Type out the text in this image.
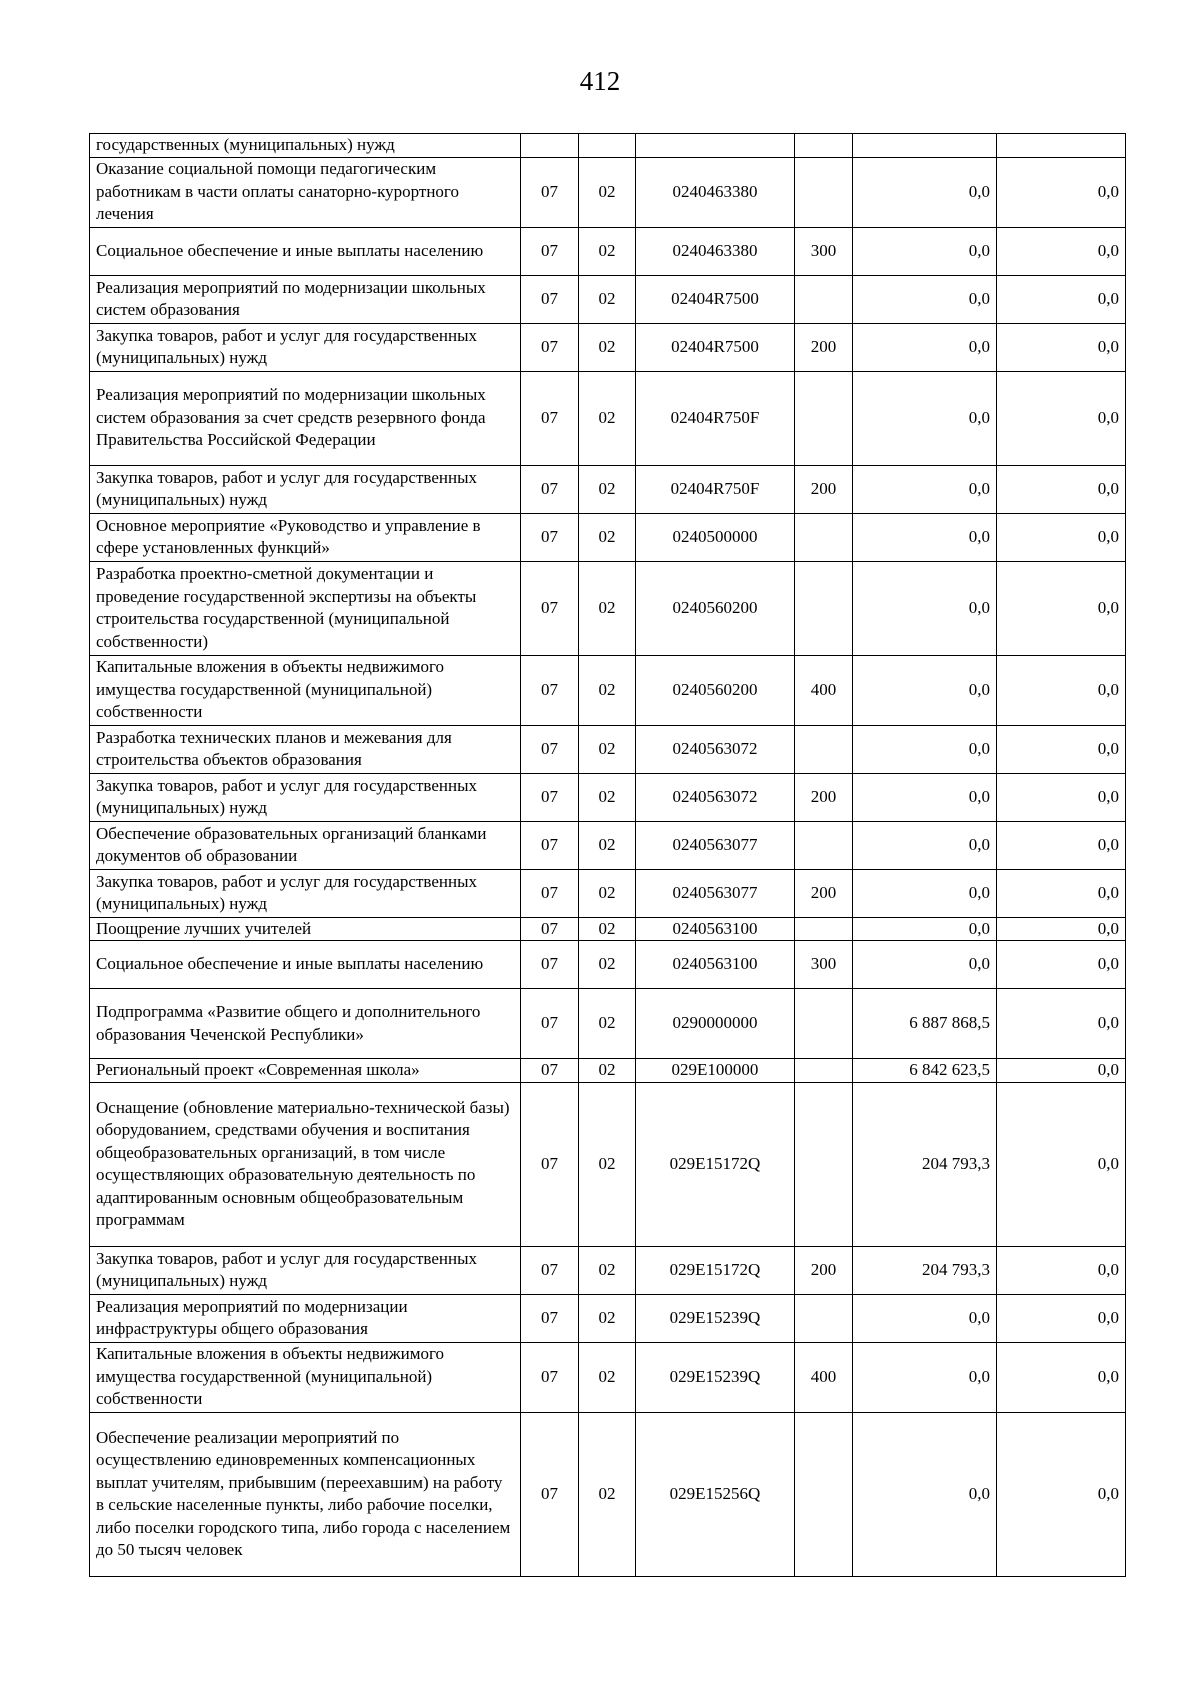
412
государственных (муниципальных) нужд						
Оказание социальной помощи педагогическим работникам в части оплаты санаторно-курортного лечения	07	02	0240463380		0,0	0,0
Социальное обеспечение и иные выплаты населению	07	02	0240463380	300	0,0	0,0
Реализация мероприятий по модернизации школьных систем образования	07	02	02404R7500		0,0	0,0
Закупка товаров, работ и услуг для государственных (муниципальных) нужд	07	02	02404R7500	200	0,0	0,0
Реализация мероприятий по модернизации школьных систем образования за счет средств резервного фонда Правительства Российской Федерации	07	02	02404R750F		0,0	0,0
Закупка товаров, работ и услуг для государственных (муниципальных) нужд	07	02	02404R750F	200	0,0	0,0
Основное мероприятие «Руководство и управление в сфере установленных функций»	07	02	0240500000		0,0	0,0
Разработка проектно-сметной документации и проведение государственной экспертизы на объекты строительства государственной (муниципальной собственности)	07	02	0240560200		0,0	0,0
Капитальные вложения в объекты недвижимого имущества государственной (муниципальной) собственности	07	02	0240560200	400	0,0	0,0
Разработка технических планов и межевания для строительства объектов образования	07	02	0240563072		0,0	0,0
Закупка товаров, работ и услуг для государственных (муниципальных) нужд	07	02	0240563072	200	0,0	0,0
Обеспечение образовательных организаций бланками документов об образовании	07	02	0240563077		0,0	0,0
Закупка товаров, работ и услуг для государственных (муниципальных) нужд	07	02	0240563077	200	0,0	0,0
Поощрение лучших учителей	07	02	0240563100		0,0	0,0
Социальное обеспечение и иные выплаты населению	07	02	0240563100	300	0,0	0,0
Подпрограмма «Развитие общего и дополнительного образования Чеченской Республики»	07	02	0290000000		6 887 868,5	0,0
Региональный проект «Современная школа»	07	02	029Е100000		6 842 623,5	0,0
Оснащение (обновление материально-технической базы) оборудованием, средствами обучения и воспитания общеобразовательных организаций, в том числе осуществляющих образовательную деятельность по адаптированным основным общеобразовательным программам	07	02	029Е15172Q		204 793,3	0,0
Закупка товаров, работ и услуг для государственных (муниципальных) нужд	07	02	029Е15172Q	200	204 793,3	0,0
Реализация мероприятий по модернизации инфраструктуры общего образования	07	02	029Е15239Q		0,0	0,0
Капитальные вложения в объекты недвижимого имущества государственной (муниципальной) собственности	07	02	029Е15239Q	400	0,0	0,0
Обеспечение реализации мероприятий по осуществлению единовременных компенсационных выплат учителям, прибывшим (переехавшим) на работу в сельские населенные пункты, либо рабочие поселки, либо поселки городского типа, либо города с населением до 50 тысяч человек	07	02	029Е15256Q		0,0	0,0
